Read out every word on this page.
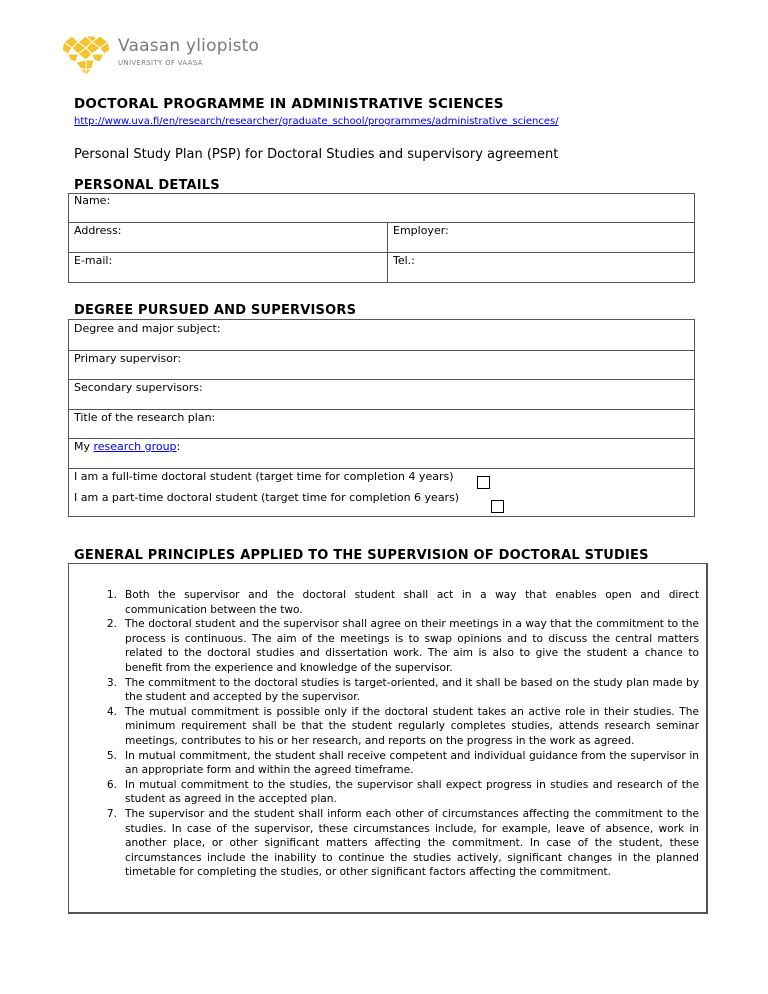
Vaasan yliopisto
UNIVERSITY OF VAASA
DOCTORAL PROGRAMME IN ADMINISTRATIVE SCIENCES
http://www.uva.fi/en/research/researcher/graduate_school/programmes/administrative_sciences/
Personal Study Plan (PSP) for Doctoral Studies and supervisory agreement
PERSONAL DETAILS
Name:
Address:	Employer:
E-mail:	Tel.:
DEGREE PURSUED AND SUPERVISORS
Degree and major subject:
Primary supervisor:
Secondary supervisors:
Title of the research plan:
My research group:
I am a full-time doctoral student (target time for completion 4 years)
I am a part-time doctoral student (target time for completion 6 years)
GENERAL PRINCIPLES APPLIED TO THE SUPERVISION OF DOCTORAL STUDIES
1. Both the supervisor and the doctoral student shall act in a way that enables open and direct communication between the two.
2. The doctoral student and the supervisor shall agree on their meetings in a way that the commitment to the process is continuous. The aim of the meetings is to swap opinions and to discuss the central matters related to the doctoral studies and dissertation work. The aim is also to give the student a chance to benefit from the experience and knowledge of the supervisor.
3. The commitment to the doctoral studies is target-oriented, and it shall be based on the study plan made by the student and accepted by the supervisor.
4. The mutual commitment is possible only if the doctoral student takes an active role in their studies. The minimum requirement shall be that the student regularly completes studies, attends research seminar meetings, contributes to his or her research, and reports on the progress in the work as agreed.
5. In mutual commitment, the student shall receive competent and individual guidance from the supervisor in an appropriate form and within the agreed timeframe.
6. In mutual commitment to the studies, the supervisor shall expect progress in studies and research of the student as agreed in the accepted plan.
7. The supervisor and the student shall inform each other of circumstances affecting the commitment to the studies. In case of the supervisor, these circumstances include, for example, leave of absence, work in another place, or other significant matters affecting the commitment. In case of the student, these circumstances include the inability to continue the studies actively, significant changes in the planned timetable for completing the studies, or other significant factors affecting the commitment.
